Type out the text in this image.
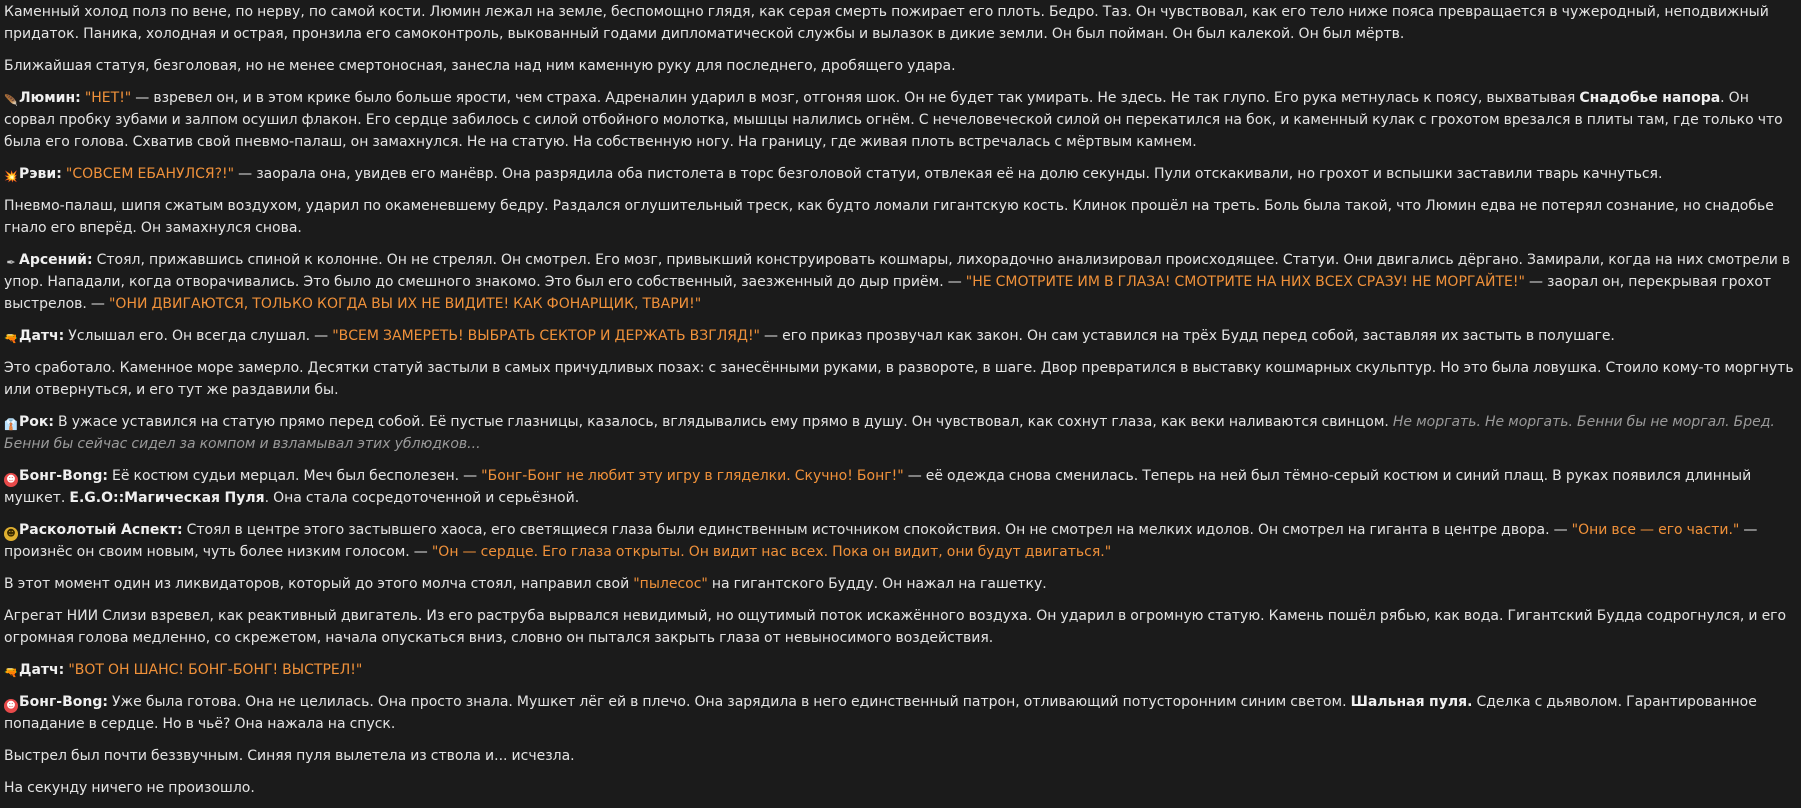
Каменный холод полз по вене, по нерву, по самой кости. Люмин лежал на земле, беспомощно глядя, как серая смерть пожирает его плоть. Бедро. Таз. Он чувствовал, как его тело ниже пояса превращается в чужеродный, неподвижный придаток. Паника, холодная и острая, пронзила его самоконтроль, выкованный годами дипломатической службы и вылазок в дикие земли. Он был пойман. Он был калекой. Он был мёртв.
Ближайшая статуя, безголовая, но не менее смертоносная, занесла над ним каменную руку для последнего, дробящего удара.
🪶Люмин: "НЕТ!" — взревел он, и в этом крике было больше ярости, чем страха. Адреналин ударил в мозг, отгоняя шок. Он не будет так умирать. Не здесь. Не так глупо. Его рука метнулась к поясу, выхватывая Снадобье напора. Он сорвал пробку зубами и залпом осушил флакон. Его сердце забилось с силой отбойного молотка, мышцы налились огнём. С нечеловеческой силой он перекатился на бок, и каменный кулак с грохотом врезался в плиты там, где только что была его голова. Схватив свой пневмо-палаш, он замахнулся. Не на статую. На собственную ногу. На границу, где живая плоть встречалась с мёртвым камнем.
💥Рэви: "СОВСЕМ ЕБАНУЛСЯ?!" — заорала она, увидев его манёвр. Она разрядила оба пистолета в торс безголовой статуи, отвлекая её на долю секунды. Пули отскакивали, но грохот и вспышки заставили тварь качнуться.
Пневмо-палаш, шипя сжатым воздухом, ударил по окаменевшему бедру. Раздался оглушительный треск, как будто ломали гигантскую кость. Клинок прошёл на треть. Боль была такой, что Люмин едва не потерял сознание, но снадобье гнало его вперёд. Он замахнулся снова.
✒ Арсений: Стоял, прижавшись спиной к колонне. Он не стрелял. Он смотрел. Его мозг, привыкший конструировать кошмары, лихорадочно анализировал происходящее. Статуи. Они двигались дёргано. Замирали, когда на них смотрели в упор. Нападали, когда отворачивались. Это было до смешного знакомо. Это был его собственный, заезженный до дыр приём. — "НЕ СМОТРИТЕ ИМ В ГЛАЗА! СМОТРИТЕ НА НИХ ВСЕХ СРАЗУ! НЕ МОРГАЙТЕ!" — заорал он, перекрывая грохот выстрелов. — "ОНИ ДВИГАЮТСЯ, ТОЛЬКО КОГДА ВЫ ИХ НЕ ВИДИТЕ! КАК ФОНАРЩИК, ТВАРИ!"
🔫Датч: Услышал его. Он всегда слушал. — "ВСЕМ ЗАМЕРЕТЬ! ВЫБРАТЬ СЕКТОР И ДЕРЖАТЬ ВЗГЛЯД!" — его приказ прозвучал как закон. Он сам уставился на трёх Будд перед собой, заставляя их застыть в полушаге.
Это сработало. Каменное море замерло. Десятки статуй застыли в самых причудливых позах: с занесёнными руками, в развороте, в шаге. Двор превратился в выставку кошмарных скульптур. Но это была ловушка. Стоило кому-то моргнуть или отвернуться, и его тут же раздавили бы.
👔Рок: В ужасе уставился на статую прямо перед собой. Её пустые глазницы, казалось, вглядывались ему прямо в душу. Он чувствовал, как сохнут глаза, как веки наливаются свинцом. Не моргать. Не моргать. Бенни бы не моргал. Бред. Бенни бы сейчас сидел за компом и взламывал этих ублюдков...
☻ Бонг-Bong: Её костюм судьи мерцал. Меч был бесполезен. — "Бонг-Бонг не любит эту игру в гляделки. Скучно! Бонг!" — её одежда снова сменилась. Теперь на ней был тёмно-серый костюм и синий плащ. В руках появился длинный мушкет. E.G.O::Магическая Пуля. Она стала сосредоточенной и серьёзной.
☻ Расколотый Аспект: Стоял в центре этого застывшего хаоса, его светящиеся глаза были единственным источником спокойствия. Он не смотрел на мелких идолов. Он смотрел на гиганта в центре двора. — "Они все — его части." — произнёс он своим новым, чуть более низким голосом. — "Он — сердце. Его глаза открыты. Он видит нас всех. Пока он видит, они будут двигаться."
В этот момент один из ликвидаторов, который до этого молча стоял, направил свой "пылесос" на гигантского Будду. Он нажал на гашетку.
Агрегат НИИ Слизи взревел, как реактивный двигатель. Из его раструба вырвался невидимый, но ощутимый поток искажённого воздуха. Он ударил в огромную статую. Камень пошёл рябью, как вода. Гигантский Будда содрогнулся, и его огромная голова медленно, со скрежетом, начала опускаться вниз, словно он пытался закрыть глаза от невыносимого воздействия.
🔫Датч: "ВОТ ОН ШАНС! БОНГ-БОНГ! ВЫСТРЕЛ!"
☻ Бонг-Bong: Уже была готова. Она не целилась. Она просто знала. Мушкет лёг ей в плечо. Она зарядила в него единственный патрон, отливающий потусторонним синим светом. Шальная пуля. Сделка с дьяволом. Гарантированное попадание в сердце. Но в чьё? Она нажала на спуск.
Выстрел был почти беззвучным. Синяя пуля вылетела из ствола и... исчезла.
На секунду ничего не произошло.
